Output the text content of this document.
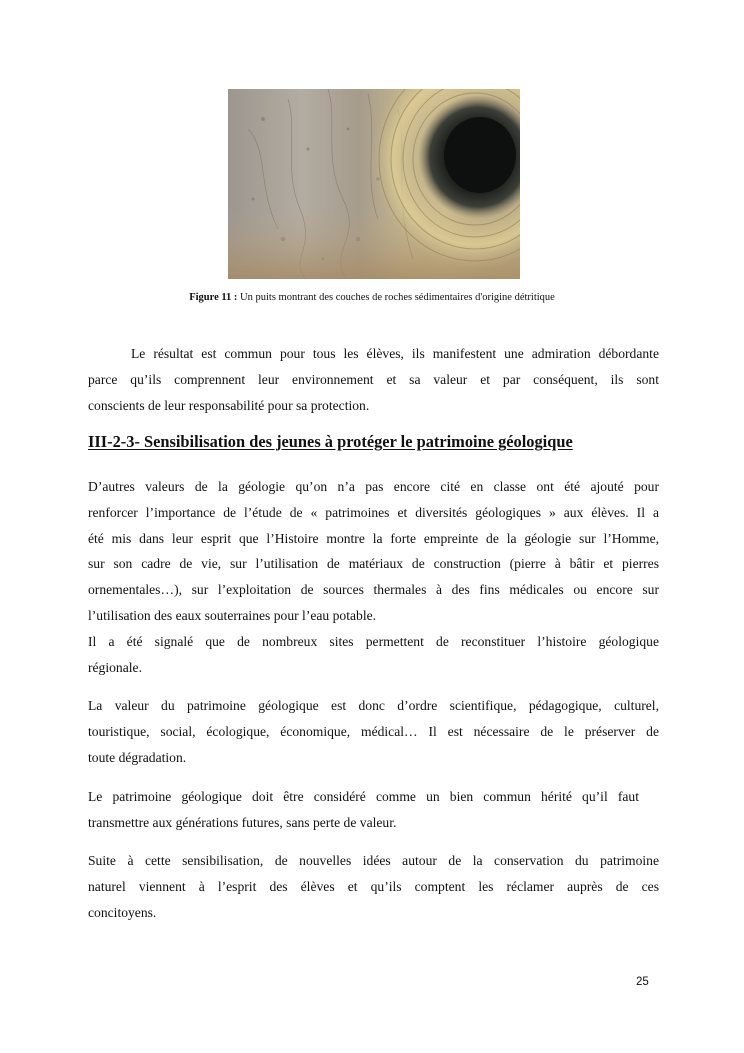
Figure 11 : Un puits montrant des couches de roches sédimentaires d'origine détritique
Le résultat est commun pour tous les élèves, ils manifestent une admiration débordante
parce qu’ils comprennent leur environnement et sa valeur et par conséquent, ils sont
conscients de leur responsabilité pour sa protection.
III-2-3- Sensibilisation des jeunes à protéger le patrimoine géologique
D’autres valeurs de la géologie qu’on n’a pas encore cité en classe ont été ajouté pour
renforcer l’importance de l’étude de « patrimoines et diversités géologiques » aux élèves. Il a
été mis dans leur esprit que l’Histoire montre la forte empreinte de la géologie sur l’Homme,
sur son cadre de vie, sur l’utilisation de matériaux de construction (pierre à bâtir et pierres
ornementales…), sur l’exploitation de sources thermales à des fins médicales ou encore sur
l’utilisation des eaux souterraines pour l’eau potable.
Il a été signalé que de nombreux sites permettent de reconstituer l’histoire géologique
régionale.
La valeur du patrimoine géologique est donc d’ordre scientifique, pédagogique, culturel,
touristique, social, écologique, économique, médical… Il est nécessaire de le préserver de
toute dégradation.
Le patrimoine géologique doit être considéré comme un bien commun hérité qu’il faut
transmettre aux générations futures, sans perte de valeur.
Suite à cette sensibilisation, de nouvelles idées autour de la conservation du patrimoine
naturel viennent à l’esprit des élèves et qu’ils comptent les réclamer auprès de ces
concitoyens.
25
